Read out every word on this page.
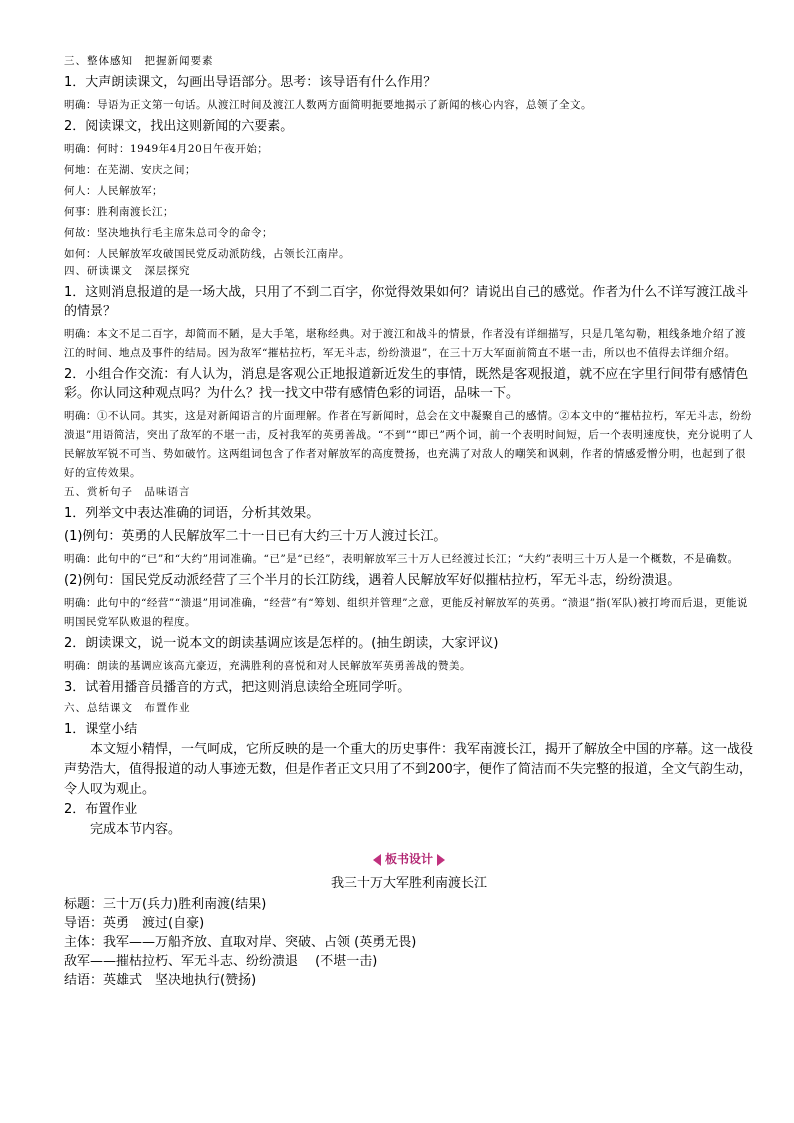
三、整体感知　把握新闻要素
1．大声朗读课文，勾画出导语部分。思考：该导语有什么作用？
明确：导语为正文第一句话。从渡江时间及渡江人数两方面简明扼要地揭示了新闻的核心内容，总领了全文。
2．阅读课文，找出这则新闻的六要素。
明确：何时：1949年4月20日午夜开始；
何地：在芜湖、安庆之间；
何人：人民解放军；
何事：胜利南渡长江；
何故：坚决地执行毛主席朱总司令的命令；
如何：人民解放军攻破国民党反动派防线，占领长江南岸。
四、研读课文　深层探究
1．这则消息报道的是一场大战，只用了不到二百字，你觉得效果如何？请说出自己的感觉。作者为什么不详写渡江战斗的情景？
明确：本文不足二百字，却简而不陋，是大手笔，堪称经典。对于渡江和战斗的情景，作者没有详细描写，只是几笔勾勒，粗线条地介绍了渡江的时间、地点及事件的结局。因为敌军“摧枯拉朽，军无斗志，纷纷溃退”，在三十万大军面前简直不堪一击，所以也不值得去详细介绍。
2．小组合作交流：有人认为，消息是客观公正地报道新近发生的事情，既然是客观报道，就不应在字里行间带有感情色彩。你认同这种观点吗？为什么？找一找文中带有感情色彩的词语，品味一下。
明确：①不认同。其实，这是对新闻语言的片面理解。作者在写新闻时，总会在文中凝聚自己的感情。②本文中的“摧枯拉朽，军无斗志，纷纷溃退”用语简洁，突出了敌军的不堪一击，反衬我军的英勇善战。“不到”“即已”两个词，前一个表明时间短，后一个表明速度快，充分说明了人民解放军锐不可当、势如破竹。这两组词包含了作者对解放军的高度赞扬，也充满了对敌人的嘲笑和讽刺，作者的情感爱憎分明，也起到了很好的宣传效果。
五、赏析句子　品味语言
1．列举文中表达准确的词语，分析其效果。
(1)例句：英勇的人民解放军二十一日已有大约三十万人渡过长江。
明确：此句中的“已”和“大约”用词准确。“已”是“已经”，表明解放军三十万人已经渡过长江；“大约”表明三十万人是一个概数，不是确数。
(2)例句：国民党反动派经营了三个半月的长江防线，遇着人民解放军好似摧枯拉朽，军无斗志，纷纷溃退。
明确：此句中的“经营”“溃退”用词准确，“经营”有“筹划、组织并管理”之意，更能反衬解放军的英勇。“溃退”指(军队)被打垮而后退，更能说明国民党军队败退的程度。
2．朗读课文，说一说本文的朗读基调应该是怎样的。(抽生朗读，大家评议)
明确：朗读的基调应该高亢豪迈，充满胜利的喜悦和对人民解放军英勇善战的赞美。
3．试着用播音员播音的方式，把这则消息读给全班同学听。
六、总结课文　布置作业
1．课堂小结
本文短小精悍，一气呵成，它所反映的是一个重大的历史事件：我军南渡长江，揭开了解放全中国的序幕。这一战役声势浩大，值得报道的动人事迹无数，但是作者正文只用了不到200字，便作了简洁而不失完整的报道，全文气韵生动，令人叹为观止。
2．布置作业
完成本节内容。
板书设计
我三十万大军胜利南渡长江
标题：三十万(兵力)胜利南渡(结果)
导语：英勇　渡过(自豪)
主体：我军——万船齐放、直取对岸、突破、占领 (英勇无畏)
敌军——摧枯拉朽、军无斗志、纷纷溃退　 (不堪一击)
结语：英雄式　坚决地执行(赞扬)
